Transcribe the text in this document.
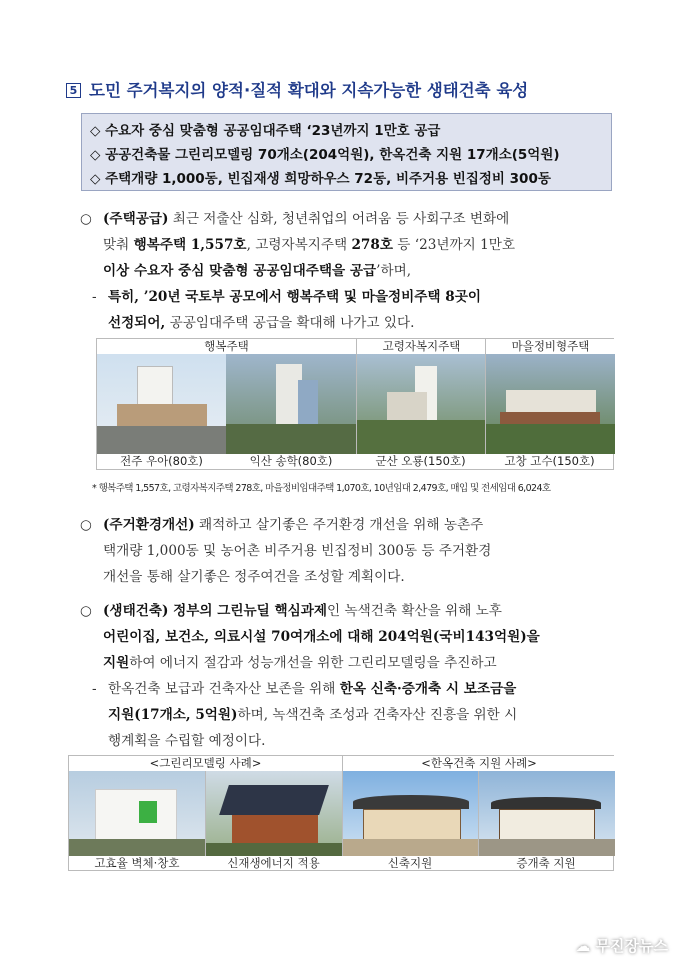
5 도민 주거복지의 양적·질적 확대와 지속가능한 생태건축 육성
◇ 수요자 중심 맞춤형 공공임대주택 ‘23년까지 1만호 공급
◇ 공공건축물 그린리모델링 70개소(204억원), 한옥건축 지원 17개소(5억원)
◇ 주택개량 1,000동, 빈집재생 희망하우스 72동, 비주거용 빈집정비 300동
○ (주택공급) 최근 저출산 심화, 청년취업의 어려움 등 사회구조 변화에
맞춰 행복주택 1,557호, 고령자복지주택 278호 등 ‘23년까지 1만호
이상 수요자 중심 맞춤형 공공임대주택을 공급’하며,
- 특히, ’20년 국토부 공모에서 행복주택 및 마을정비주택 8곳이
선정되어, 공공임대주택 공급을 확대해 나가고 있다.
행복주택	고령자복지주택	마을정비형주택
전주 우아(80호)	익산 송학(80호)	군산 오룡(150호)	고창 고수(150호)
* 행복주택 1,557호, 고령자복지주택 278호, 마을정비임대주택 1,070호, 10년임대 2,479호, 매입 및 전세임대 6,024호
○ (주거환경개선) 쾌적하고 살기좋은 주거환경 개선을 위해 농촌주
택개량 1,000동 및 농어촌 비주거용 빈집정비 300동 등 주거환경
개선을 통해 살기좋은 정주여건을 조성할 계획이다.
○ (생태건축) 정부의 그린뉴딜 핵심과제인 녹색건축 확산을 위해 노후
어린이집, 보건소, 의료시설 70여개소에 대해 204억원(국비143억원)을
지원하여 에너지 절감과 성능개선을 위한 그린리모델링을 추진하고
- 한옥건축 보급과 건축자산 보존을 위해 한옥 신축·증개축 시 보조금을
지원(17개소, 5억원)하며, 녹색건축 조성과 건축자산 진흥을 위한 시
행계획을 수립할 예정이다.
<그린리모델링 사례>	<한옥건축 지원 사례>
고효율 벽체·창호	신재생에너지 적용	신축지원	증개축 지원
☁ 무진장뉴스
